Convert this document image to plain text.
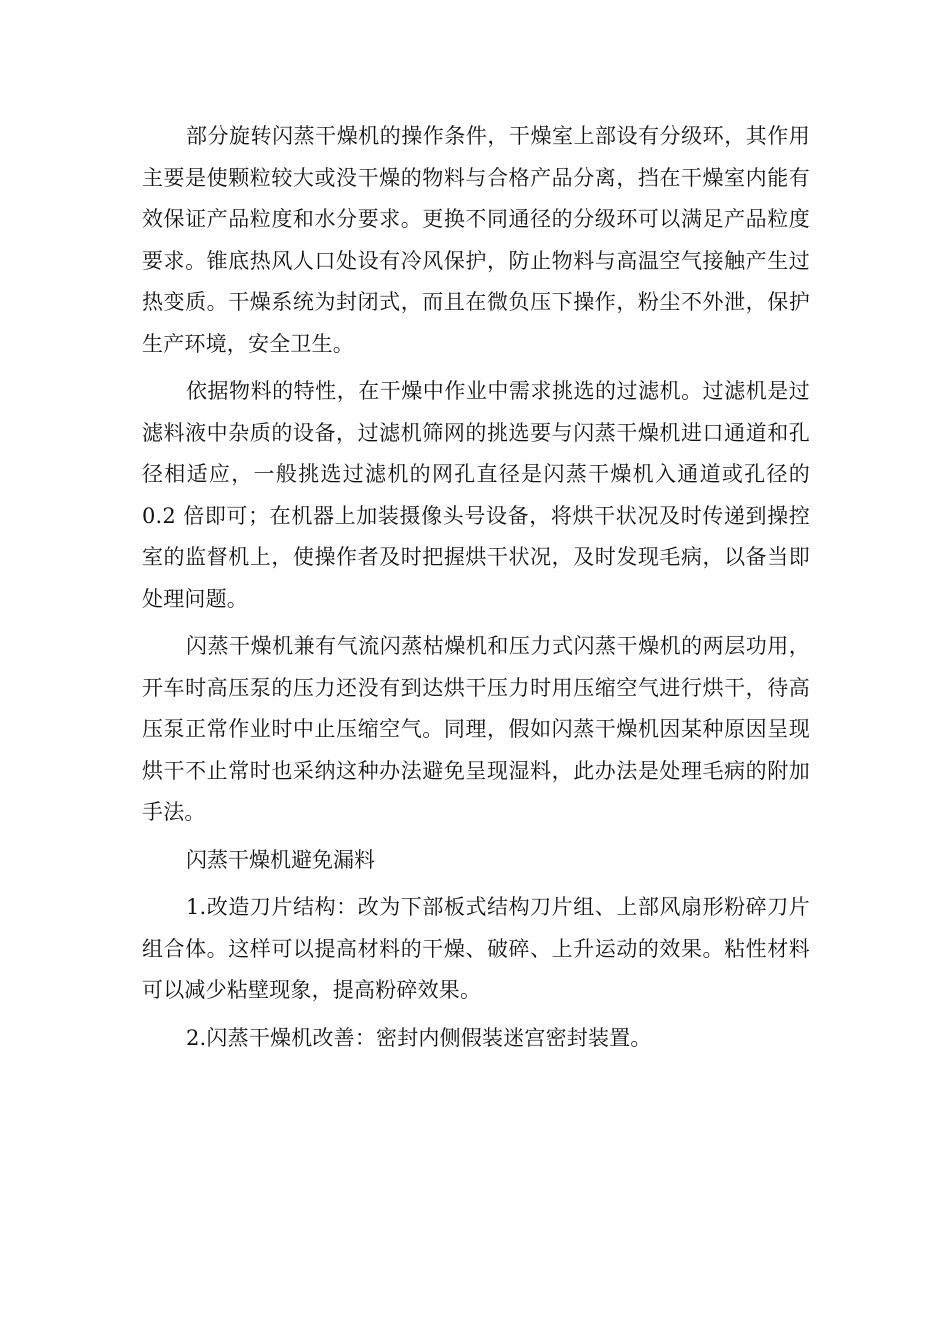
部分旋转闪蒸干燥机的操作条件，干燥室上部设有分级环，其作用主要是使颗粒较大或没干燥的物料与合格产品分离，挡在干燥室内能有效保证产品粒度和水分要求。更换不同通径的分级环可以满足产品粒度要求。锥底热风人口处设有冷风保护，防止物料与高温空气接触产生过热变质。干燥系统为封闭式，而且在微负压下操作，粉尘不外泄，保护生产环境，安全卫生。

依据物料的特性，在干燥中作业中需求挑选的过滤机。过滤机是过滤料液中杂质的设备，过滤机筛网的挑选要与闪蒸干燥机进口通道和孔径相适应，一般挑选过滤机的网孔直径是闪蒸干燥机入通道或孔径的 0.2 倍即可；在机器上加装摄像头号设备，将烘干状况及时传递到操控室的监督机上，使操作者及时把握烘干状况，及时发现毛病，以备当即处理问题。

闪蒸干燥机兼有气流闪蒸枯燥机和压力式闪蒸干燥机的两层功用，开车时高压泵的压力还没有到达烘干压力时用压缩空气进行烘干，待高压泵正常作业时中止压缩空气。同理，假如闪蒸干燥机因某种原因呈现烘干不止常时也采纳这种办法避免呈现湿料，此办法是处理毛病的附加手法。

闪蒸干燥机避免漏料

1.改造刀片结构：改为下部板式结构刀片组、上部风扇形粉碎刀片组合体。这样可以提高材料的干燥、破碎、上升运动的效果。粘性材料可以减少粘壁现象，提高粉碎效果。

2.闪蒸干燥机改善：密封内侧假装迷宫密封装置。
